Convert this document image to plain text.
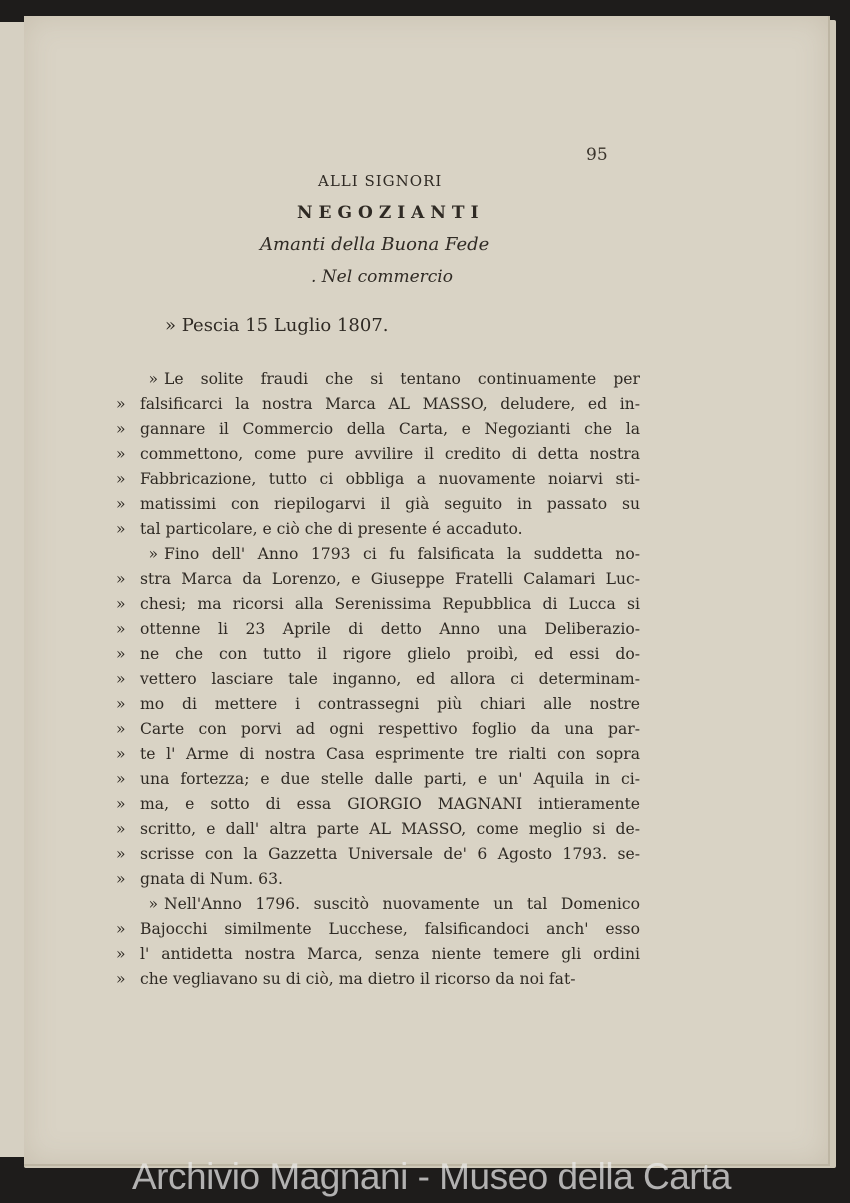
95
ALLI SIGNORI
NEGOZIANTI
Amanti della Buona Fede
. Nel commercio
» Pescia 15 Luglio 1807.
» Le solite fraudi che si tentano continuamente per
» falsificarci la nostra Marca AL MASSO, deludere, ed in-
» gannare il Commercio della Carta, e Negozianti che la
» commettono, come pure avvilire il credito di detta nostra
» Fabbricazione, tutto ci obbliga a nuovamente noiarvi sti-
» matissimi con riepilogarvi il già seguito in passato su
» tal particolare, e ciò che di presente é accaduto.
» Fino dell' Anno 1793 ci fu falsificata la suddetta no-
» stra Marca da Lorenzo, e Giuseppe Fratelli Calamari Luc-
» chesi; ma ricorsi alla Serenissima Repubblica di Lucca si
» ottenne li 23 Aprile di detto Anno una Deliberazio-
» ne che con tutto il rigore glielo proibì, ed essi do-
» vettero lasciare tale inganno, ed allora ci determinam-
» mo di mettere i contrassegni più chiari alle nostre
» Carte con porvi ad ogni respettivo foglio da una par-
» te l' Arme di nostra Casa esprimente tre rialti con sopra
» una fortezza; e due stelle dalle parti, e un' Aquila in ci-
» ma, e sotto di essa GIORGIO MAGNANI intieramente
» scritto, e dall' altra parte AL MASSO, come meglio si de-
» scrisse con la Gazzetta Universale de' 6 Agosto 1793. se-
» gnata di Num. 63.
» Nell'Anno 1796. suscitò nuovamente un tal Domenico
» Bajocchi similmente Lucchese, falsificandoci anch' esso
» l' antidetta nostra Marca, senza niente temere gli ordini
» che vegliavano su di ciò, ma dietro il ricorso da noi fat-
Archivio Magnani - Museo della Carta
